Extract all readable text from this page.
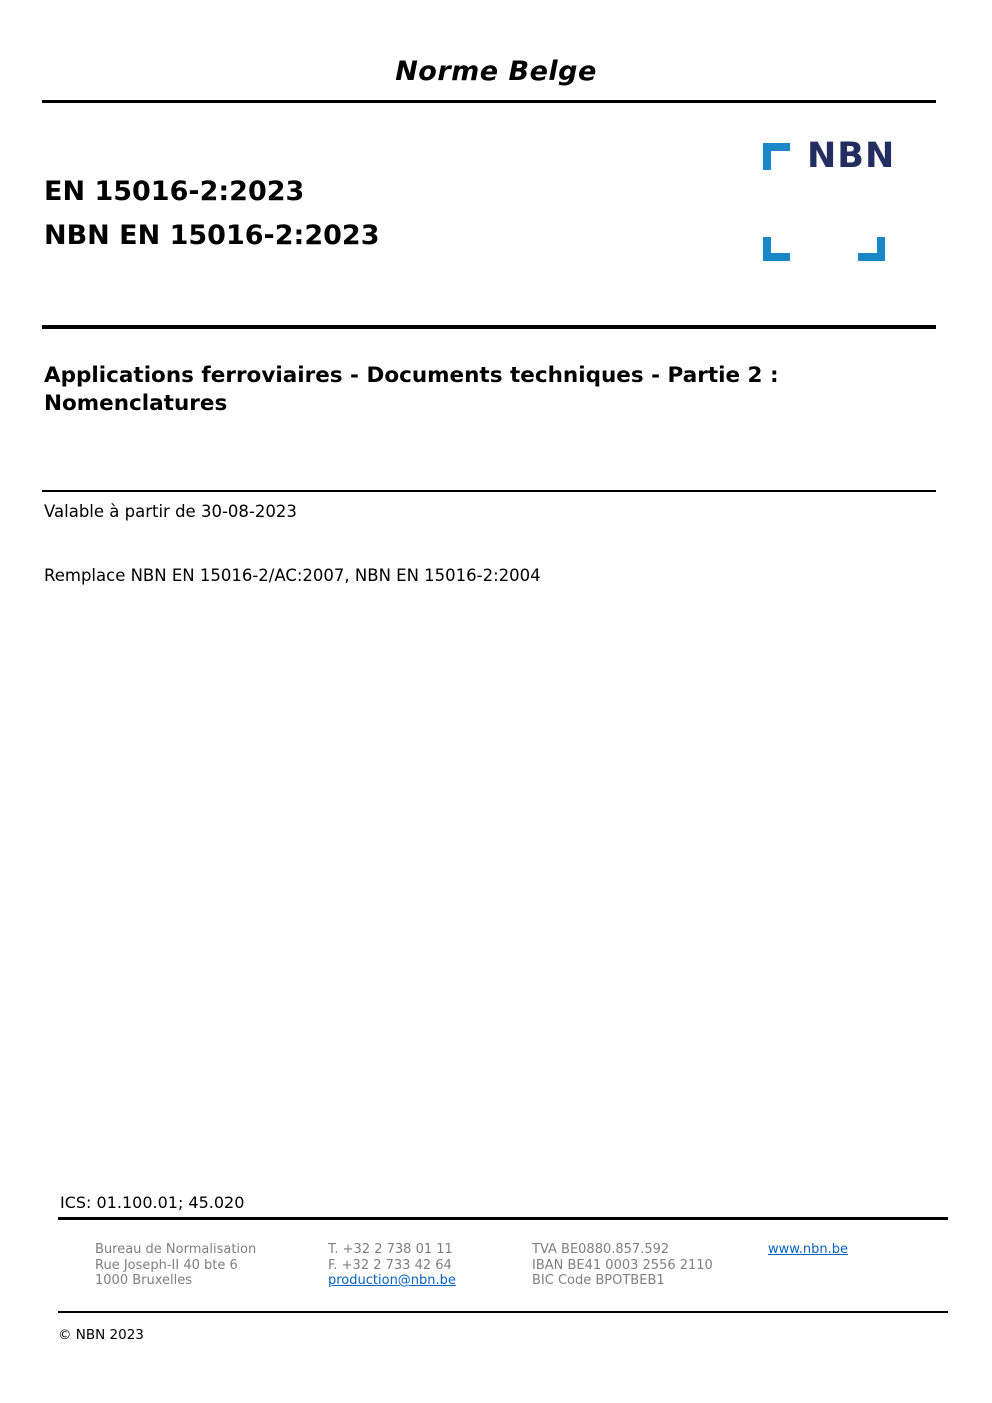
Norme Belge
NBN
EN 15016-2:2023
NBN EN 15016-2:2023
Applications ferroviaires - Documents techniques - Partie 2 :
Nomenclatures
Valable à partir de 30-08-2023
Remplace NBN EN 15016-2/AC:2007, NBN EN 15016-2:2004
ICS: 01.100.01; 45.020
Bureau de Normalisation
Rue Joseph-II 40 bte 6
1000 Bruxelles
T. +32 2 738 01 11
F. +32 2 733 42 64
production@nbn.be
TVA BE0880.857.592
IBAN BE41 0003 2556 2110
BIC Code BPOTBEB1
www.nbn.be
© NBN 2023
